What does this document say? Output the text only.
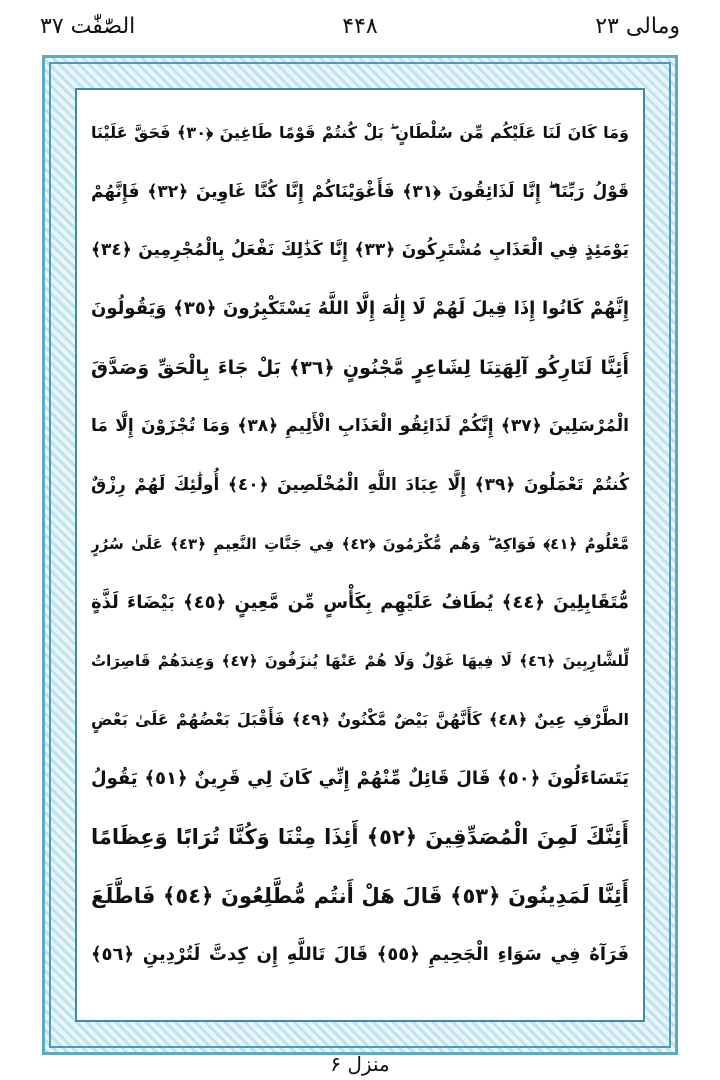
ومالی ۲۳
۴۴۸
الصّٰفّٰت ۳۷
وَمَا كَانَ لَنَا عَلَيْكُم مِّن سُلْطَانٍ ۖ بَلْ كُنتُمْ قَوْمًا طَاغِينَ ﴿٣٠﴾ فَحَقَّ عَلَيْنَا
قَوْلُ رَبِّنَا ۖ إِنَّا لَذَائِقُونَ ﴿٣١﴾ فَأَغْوَيْنَاكُمْ إِنَّا كُنَّا غَاوِينَ ﴿٣٢﴾ فَإِنَّهُمْ
يَوْمَئِذٍ فِي الْعَذَابِ مُشْتَرِكُونَ ﴿٣٣﴾ إِنَّا كَذَٰلِكَ نَفْعَلُ بِالْمُجْرِمِينَ ﴿٣٤﴾
إِنَّهُمْ كَانُوا إِذَا قِيلَ لَهُمْ لَا إِلَٰهَ إِلَّا اللَّهُ يَسْتَكْبِرُونَ ﴿٣٥﴾ وَيَقُولُونَ
أَئِنَّا لَتَارِكُو آلِهَتِنَا لِشَاعِرٍ مَّجْنُونٍ ﴿٣٦﴾ بَلْ جَاءَ بِالْحَقِّ وَصَدَّقَ
الْمُرْسَلِينَ ﴿٣٧﴾ إِنَّكُمْ لَذَائِقُو الْعَذَابِ الْأَلِيمِ ﴿٣٨﴾ وَمَا تُجْزَوْنَ إِلَّا مَا
كُنتُمْ تَعْمَلُونَ ﴿٣٩﴾ إِلَّا عِبَادَ اللَّهِ الْمُخْلَصِينَ ﴿٤٠﴾ أُولَٰئِكَ لَهُمْ رِزْقٌ
مَّعْلُومٌ ﴿٤١﴾ فَوَاكِهُ ۖ وَهُم مُّكْرَمُونَ ﴿٤٢﴾ فِي جَنَّاتِ النَّعِيمِ ﴿٤٣﴾ عَلَىٰ سُرُرٍ
مُّتَقَابِلِينَ ﴿٤٤﴾ يُطَافُ عَلَيْهِم بِكَأْسٍ مِّن مَّعِينٍ ﴿٤٥﴾ بَيْضَاءَ لَذَّةٍ
لِّلشَّارِبِينَ ﴿٤٦﴾ لَا فِيهَا غَوْلٌ وَلَا هُمْ عَنْهَا يُنزَفُونَ ﴿٤٧﴾ وَعِندَهُمْ قَاصِرَاتُ
الطَّرْفِ عِينٌ ﴿٤٨﴾ كَأَنَّهُنَّ بَيْضٌ مَّكْنُونٌ ﴿٤٩﴾ فَأَقْبَلَ بَعْضُهُمْ عَلَىٰ بَعْضٍ
يَتَسَاءَلُونَ ﴿٥٠﴾ قَالَ قَائِلٌ مِّنْهُمْ إِنِّي كَانَ لِي قَرِينٌ ﴿٥١﴾ يَقُولُ
أَئِنَّكَ لَمِنَ الْمُصَدِّقِينَ ﴿٥٢﴾ أَئِذَا مِتْنَا وَكُنَّا تُرَابًا وَعِظَامًا
أَئِنَّا لَمَدِينُونَ ﴿٥٣﴾ قَالَ هَلْ أَنتُم مُّطَّلِعُونَ ﴿٥٤﴾ فَاطَّلَعَ
فَرَآهُ فِي سَوَاءِ الْجَحِيمِ ﴿٥٥﴾ قَالَ تَاللَّهِ إِن كِدتَّ لَتُرْدِينِ ﴿٥٦﴾
منزل ۶
